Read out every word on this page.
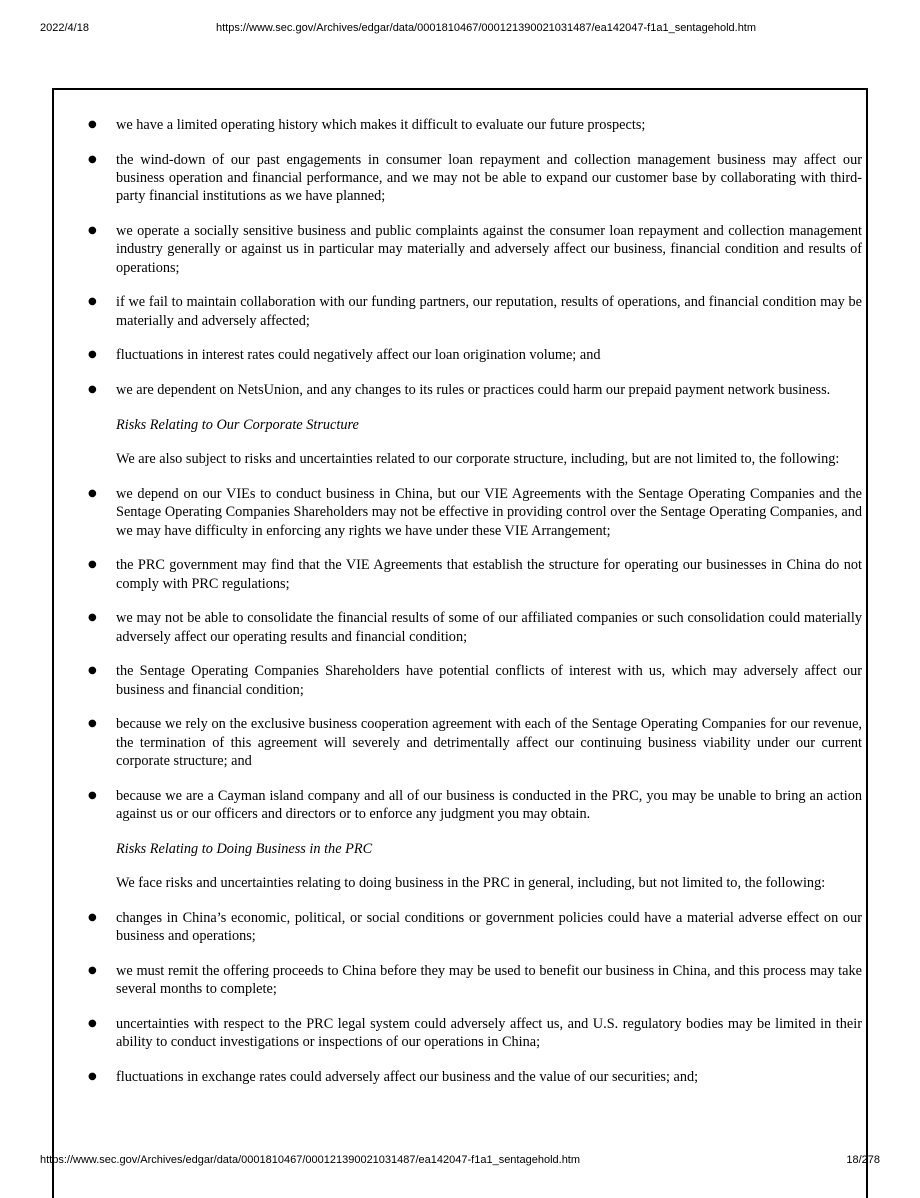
2022/4/18	https://www.sec.gov/Archives/edgar/data/0001810467/000121390021031487/ea142047-f1a1_sentagehold.htm
●	we have a limited operating history which makes it difficult to evaluate our future prospects;
●	the wind-down of our past engagements in consumer loan repayment and collection management business may affect our business operation and financial performance, and we may not be able to expand our customer base by collaborating with third-party financial institutions as we have planned;
●	we operate a socially sensitive business and public complaints against the consumer loan repayment and collection management industry generally or against us in particular may materially and adversely affect our business, financial condition and results of operations;
●	if we fail to maintain collaboration with our funding partners, our reputation, results of operations, and financial condition may be materially and adversely affected;
●	fluctuations in interest rates could negatively affect our loan origination volume; and
●	we are dependent on NetsUnion, and any changes to its rules or practices could harm our prepaid payment network business.
Risks Relating to Our Corporate Structure
We are also subject to risks and uncertainties related to our corporate structure, including, but are not limited to, the following:
●	we depend on our VIEs to conduct business in China, but our VIE Agreements with the Sentage Operating Companies and the Sentage Operating Companies Shareholders may not be effective in providing control over the Sentage Operating Companies, and we may have difficulty in enforcing any rights we have under these VIE Arrangement;
●	the PRC government may find that the VIE Agreements that establish the structure for operating our businesses in China do not comply with PRC regulations;
●	we may not be able to consolidate the financial results of some of our affiliated companies or such consolidation could materially adversely affect our operating results and financial condition;
●	the Sentage Operating Companies Shareholders have potential conflicts of interest with us, which may adversely affect our business and financial condition;
●	because we rely on the exclusive business cooperation agreement with each of the Sentage Operating Companies for our revenue, the termination of this agreement will severely and detrimentally affect our continuing business viability under our current corporate structure; and
●	because we are a Cayman island company and all of our business is conducted in the PRC, you may be unable to bring an action against us or our officers and directors or to enforce any judgment you may obtain.
Risks Relating to Doing Business in the PRC
We face risks and uncertainties relating to doing business in the PRC in general, including, but not limited to, the following:
●	changes in China’s economic, political, or social conditions or government policies could have a material adverse effect on our business and operations;
●	we must remit the offering proceeds to China before they may be used to benefit our business in China, and this process may take several months to complete;
●	uncertainties with respect to the PRC legal system could adversely affect us, and U.S. regulatory bodies may be limited in their ability to conduct investigations or inspections of our operations in China;
●	fluctuations in exchange rates could adversely affect our business and the value of our securities; and;
https://www.sec.gov/Archives/edgar/data/0001810467/000121390021031487/ea142047-f1a1_sentagehold.htm	18/278
